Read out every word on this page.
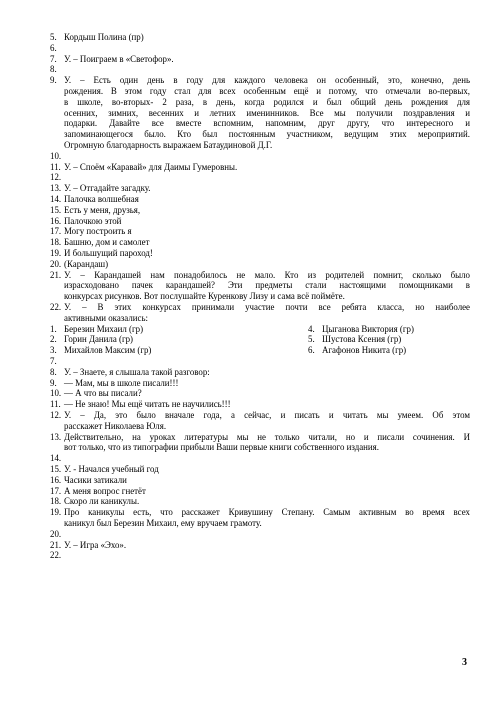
5. Кордыш Полина (пр)
6.
7. У. – Поиграем в «Светофор».
8.
9. У. – Есть один день в году для каждого человека он особенный, это, конечно, день
рождения. В этом году стал для всех особенным ещё и потому, что отмечали во-первых,
в школе, во-вторых- 2 раза, в день, когда родился и был общий день рождения для
осенних, зимних, весенних и летних именинников. Все мы получили поздравления и
подарки. Давайте все вместе вспомним, напомним, друг другу, что интересного и
запоминающегося было. Кто был постоянным участником, ведущим этих мероприятий.
Огромную благодарность выражаем Батаудиновой Д.Г.
10.
11. У. – Споём «Каравай» для Даимы Гумеровны.
12.
13. У. – Отгадайте загадку.
14. Палочка волшебная
15. Есть у меня, друзья,
16. Палочкою этой
17. Могу построить я
18. Башню, дом и самолет
19. И большущий пароход!
20. (Карандаш)
21. У. – Карандашей нам понадобилось не мало. Кто из родителей помнит, сколько было
израсходовано пачек карандашей? Эти предметы стали настоящими помощниками в
конкурсах рисунков. Вот послушайте Куренкову Лизу и сама всё поймёте.
22. У. – В этих конкурсах принимали участие почти все ребята класса, но наиболее
активными оказались:
1. Березин Михаил (гр)	4. Цыганова Виктория (гр)
2. Горин Данила (гр)	5. Шустова Ксения (гр)
3. Михайлов Максим (гр)	6. Агафонов Никита (гр)
7.
8. У. – Знаете, я слышала такой разговор:
9. — Мам, мы в школе писали!!!
10. — А что вы писали?
11. — Не знаю! Мы ещё читать не научились!!!
12. У. – Да, это было вначале года, а сейчас, и писать и читать мы умеем. Об этом
расскажет Николаева Юля.
13. Действительно, на уроках литературы мы не только читали, но и писали сочинения. И
вот только, что из типографии прибыли Ваши первые книги собственного издания.
14.
15. У. - Начался учебный год
16. Часики затикали
17. А меня вопрос гнетёт
18. Скоро ли каникулы.
19. Про каникулы есть, что расскажет Кривушину Степану. Самым активным во время всех
каникул был Березин Михаил, ему вручаем грамоту.
20.
21. У. – Игра «Эхо».
22.
3
